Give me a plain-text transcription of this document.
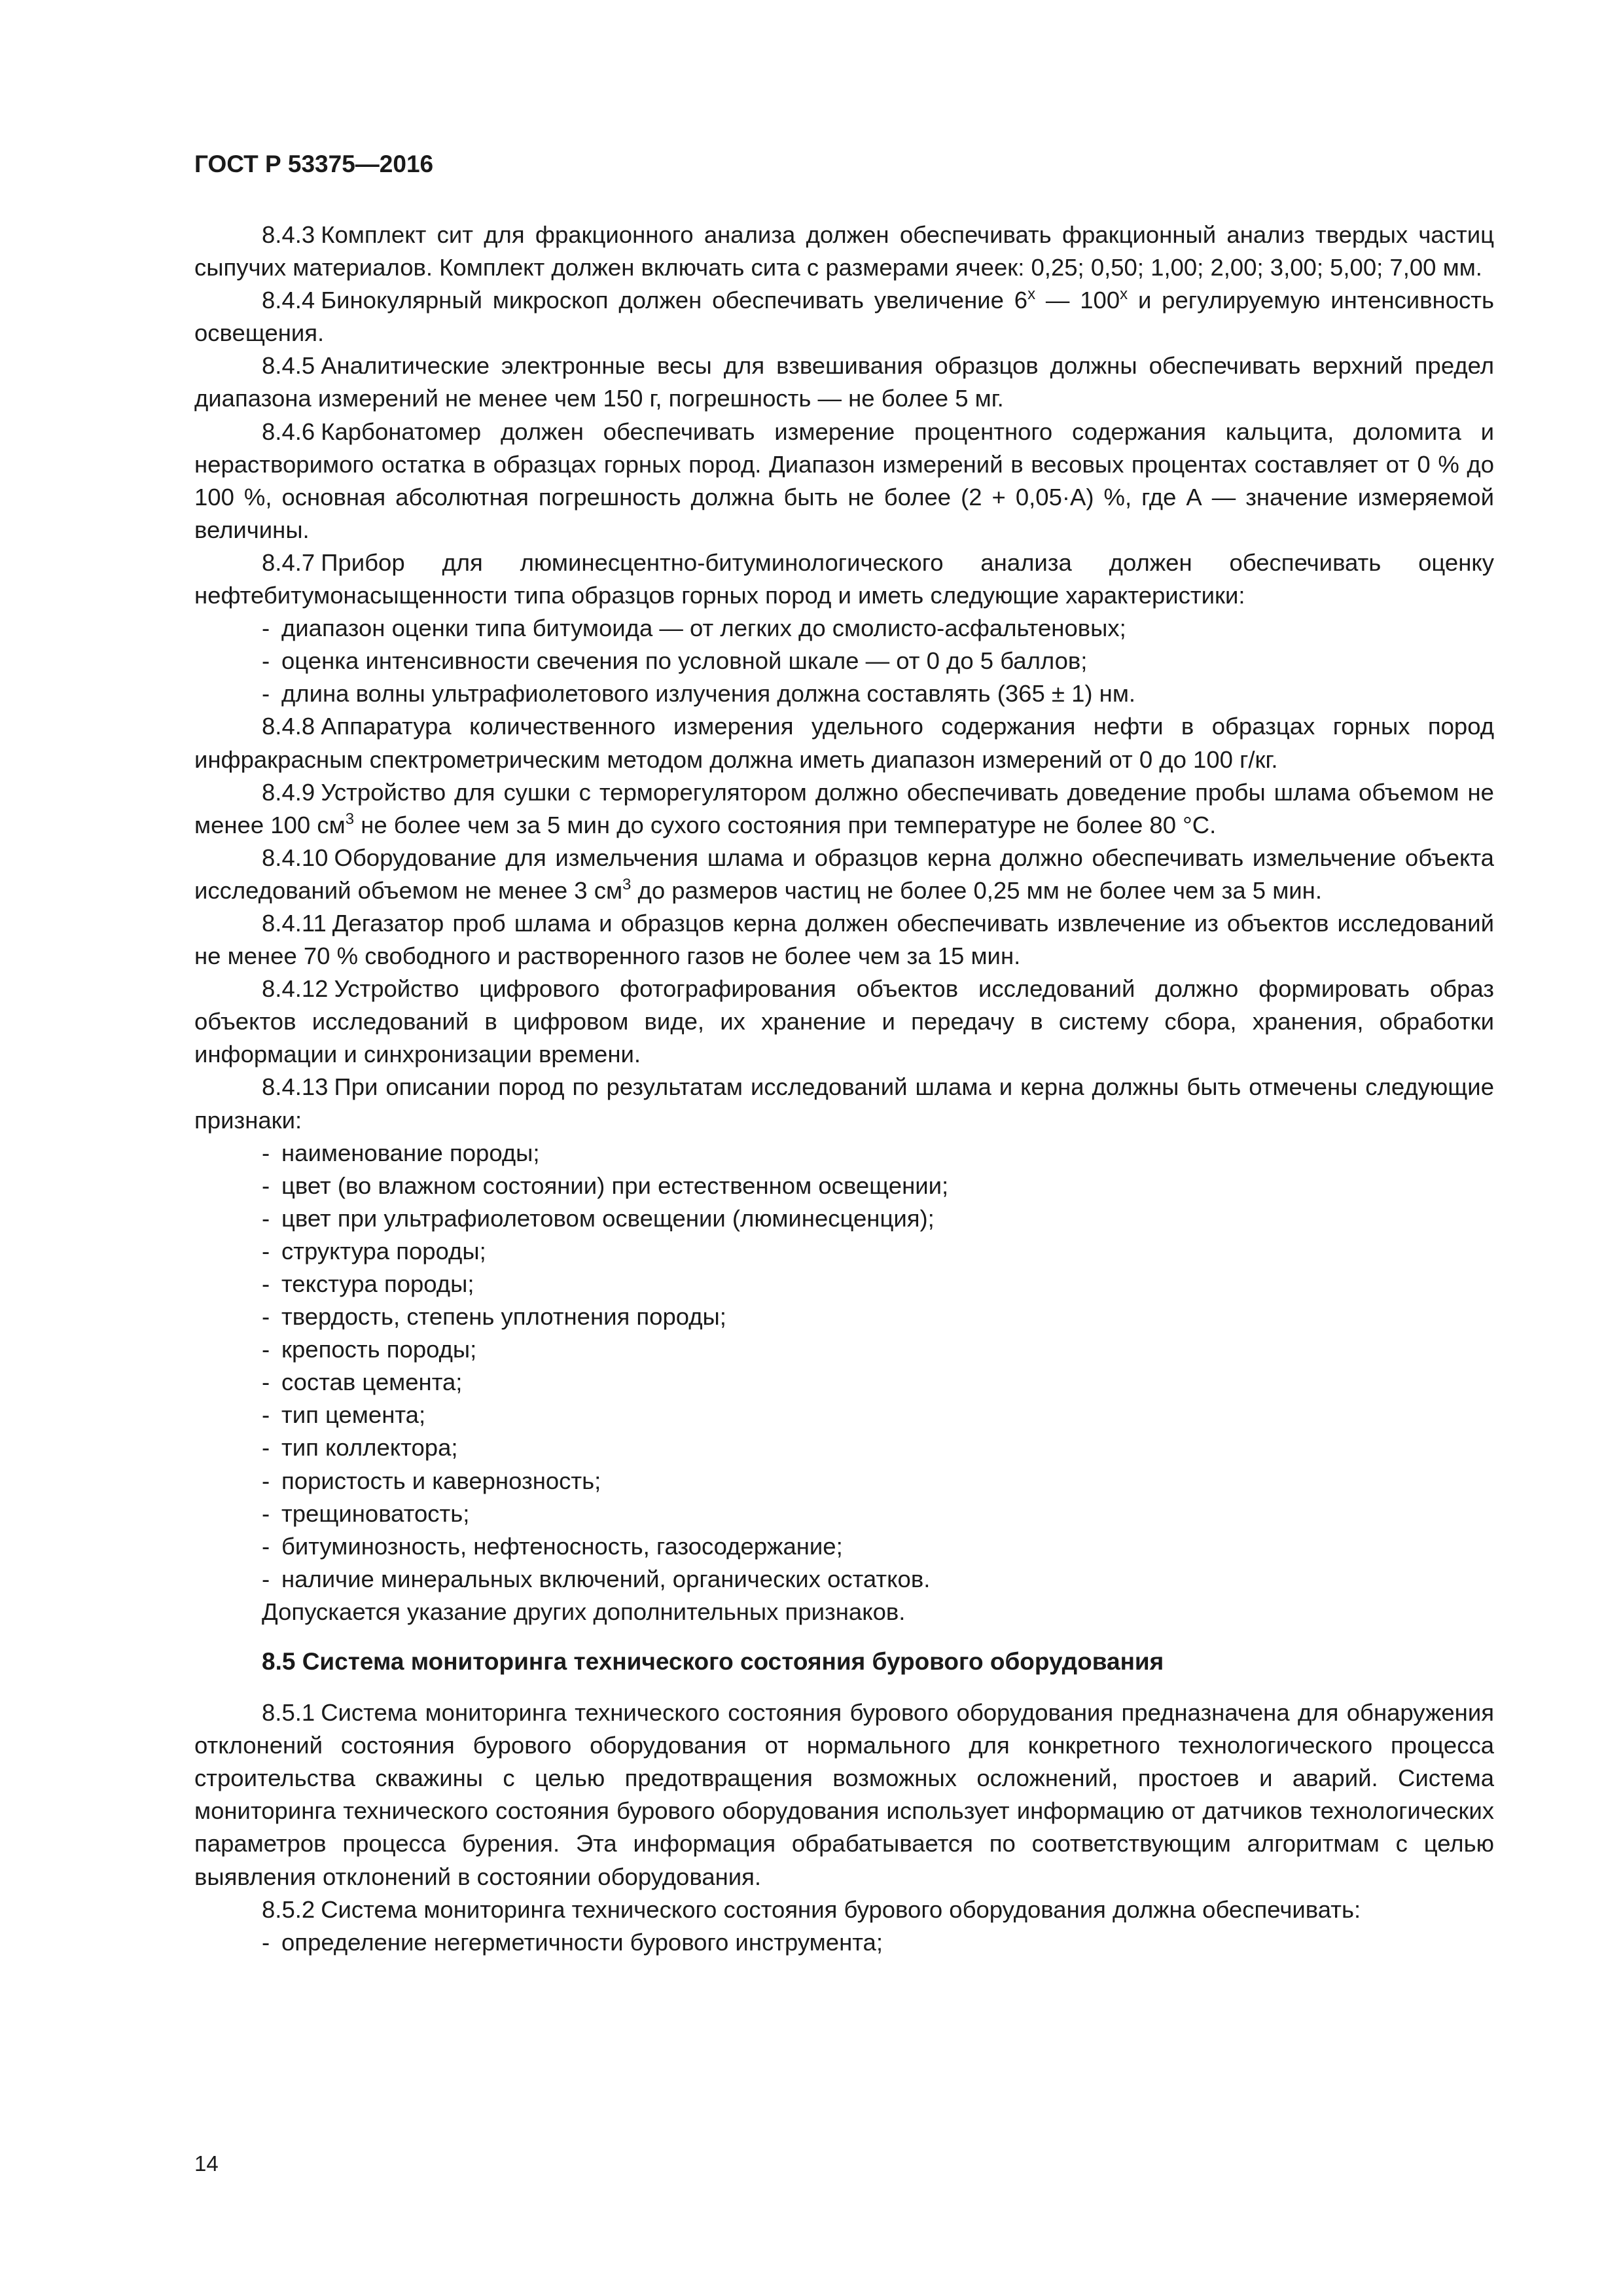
ГОСТ Р 53375—2016

8.4.3 Комплект сит для фракционного анализа должен обеспечивать фракционный анализ твердых частиц сыпучих материалов. Комплект должен включать сита с размерами ячеек: 0,25; 0,50; 1,00; 2,00; 3,00; 5,00; 7,00 мм.

8.4.4 Бинокулярный микроскоп должен обеспечивать увеличение $6^х$ — $100^х$ и регулируемую интенсивность освещения.

8.4.5 Аналитические электронные весы для взвешивания образцов должны обеспечивать верхний предел диапазона измерений не менее чем 150 г, погрешность — не более 5 мг.

8.4.6 Карбонатомер должен обеспечивать измерение процентного содержания кальцита, доломита и нерастворимого остатка в образцах горных пород. Диапазон измерений в весовых процентах составляет от 0 % до 100 %, основная абсолютная погрешность должна быть не более (2 + 0,05·А) %, где А — значение измеряемой величины.

8.4.7 Прибор для люминесцентно-битуминологического анализа должен обеспечивать оценку нефтебитумонасыщенности типа образцов горных пород и иметь следующие характеристики:

- диапазон оценки типа битумоида — от легких до смолисто-асфальтеновых;
- оценка интенсивности свечения по условной шкале — от 0 до 5 баллов;
- длина волны ультрафиолетового излучения должна составлять (365 ± 1) нм.

8.4.8 Аппаратура количественного измерения удельного содержания нефти в образцах горных пород инфракрасным спектрометрическим методом должна иметь диапазон измерений от 0 до 100 г/кг.

8.4.9 Устройство для сушки с терморегулятором должно обеспечивать доведение пробы шлама объемом не менее 100 $см^3$ не более чем за 5 мин до сухого состояния при температуре не более 80 °С.

8.4.10 Оборудование для измельчения шлама и образцов керна должно обеспечивать измельчение объекта исследований объемом не менее 3 $см^3$ до размеров частиц не более 0,25 мм не более чем за 5 мин.

8.4.11 Дегазатор проб шлама и образцов керна должен обеспечивать извлечение из объектов исследований не менее 70 % свободного и растворенного газов не более чем за 15 мин.

8.4.12 Устройство цифрового фотографирования объектов исследований должно формировать образ объектов исследований в цифровом виде, их хранение и передачу в систему сбора, хранения, обработки информации и синхронизации времени.

8.4.13 При описании пород по результатам исследований шлама и керна должны быть отмечены следующие признаки:

- наименование породы;
- цвет (во влажном состоянии) при естественном освещении;
- цвет при ультрафиолетовом освещении (люминесценция);
- структура породы;
- текстура породы;
- твердость, степень уплотнения породы;
- крепость породы;
- состав цемента;
- тип цемента;
- тип коллектора;
- пористость и кавернозность;
- трещиноватость;
- битуминозность, нефтеносность, газосодержание;
- наличие минеральных включений, органических остатков.

Допускается указание других дополнительных признаков.

8.5 Система мониторинга технического состояния бурового оборудования

8.5.1 Система мониторинга технического состояния бурового оборудования предназначена для обнаружения отклонений состояния бурового оборудования от нормального для конкретного технологического процесса строительства скважины с целью предотвращения возможных осложнений, простоев и аварий. Система мониторинга технического состояния бурового оборудования использует информацию от датчиков технологических параметров процесса бурения. Эта информация обрабатывается по соответствующим алгоритмам с целью выявления отклонений в состоянии оборудования.

8.5.2 Система мониторинга технического состояния бурового оборудования должна обеспечивать:

- определение негерметичности бурового инструмента;

14
